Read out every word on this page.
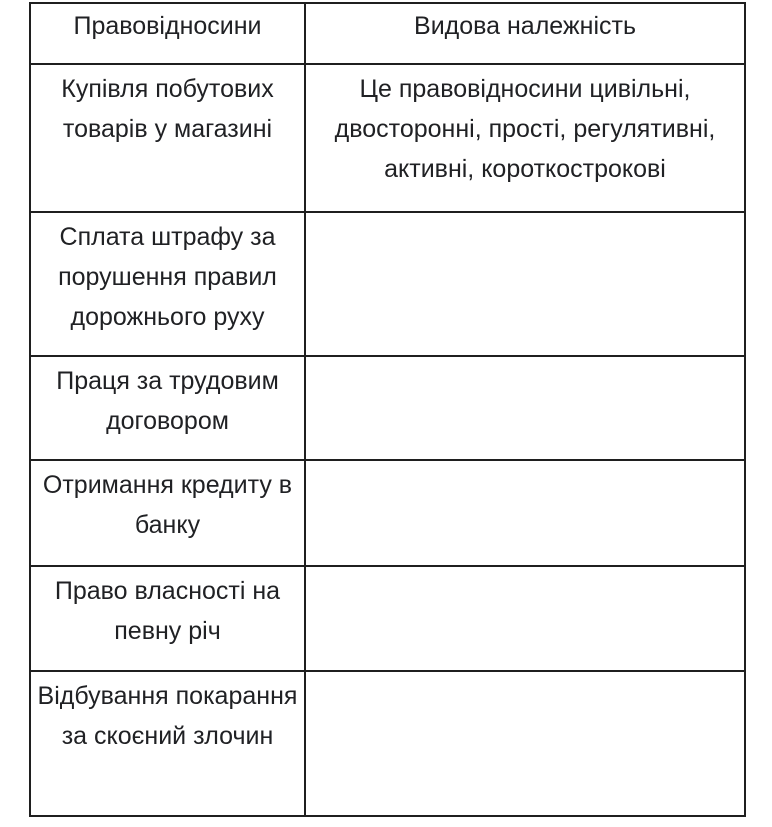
Правовідносини	Видова належність

Купівля побутових товарів у магазині	Це правовідносини цивільні, двосторонні, прості, регулятивні, активні, короткострокові

Сплата штрафу за порушення правил дорожнього руху	

Праця за трудовим договором	

Отримання кредиту в банку	

Право власності на певну річ	

Відбування покарання за скоєний злочин	
